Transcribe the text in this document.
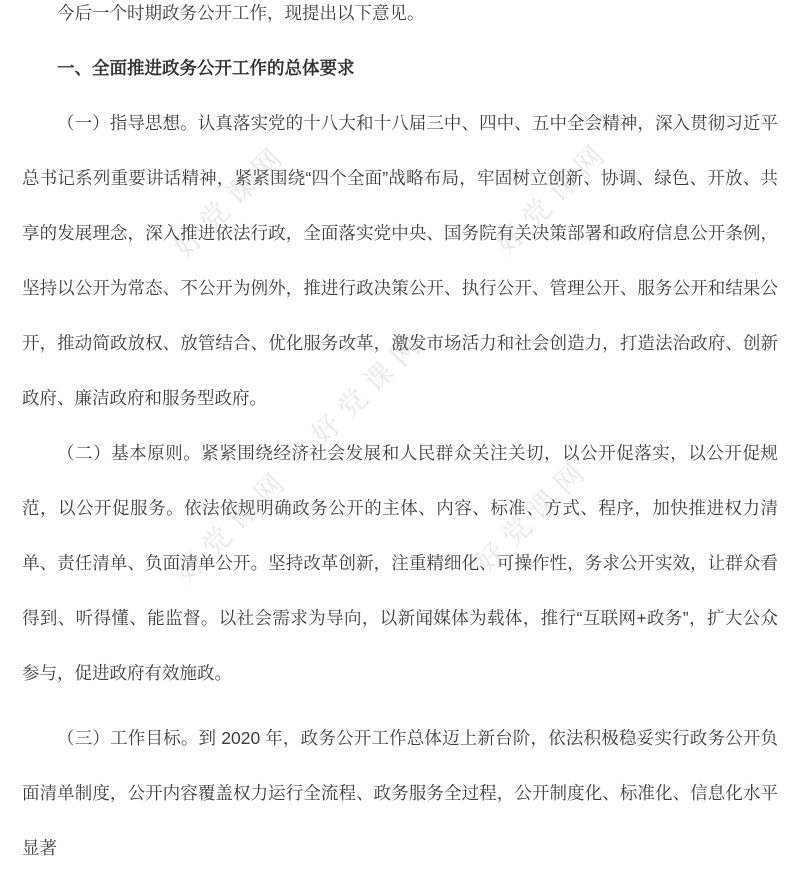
好党课网	好党课网
好党课网
好党课网	好党课网

今后一个时期政务公开工作，现提出以下意见。

一、全面推进政务公开工作的总体要求

（一）指导思想。认真落实党的十八大和十八届三中、四中、五中全会精神，深入贯彻习近平总书记系列重要讲话精神，紧紧围绕“四个全面”战略布局，牢固树立创新、协调、绿色、开放、共享的发展理念，深入推进依法行政，全面落实党中央、国务院有关决策部署和政府信息公开条例，坚持以公开为常态、不公开为例外，推进行政决策公开、执行公开、管理公开、服务公开和结果公开，推动简政放权、放管结合、优化服务改革，激发市场活力和社会创造力，打造法治政府、创新政府、廉洁政府和服务型政府。

（二）基本原则。紧紧围绕经济社会发展和人民群众关注关切，以公开促落实，以公开促规范，以公开促服务。依法依规明确政务公开的主体、内容、标准、方式、程序，加快推进权力清单、责任清单、负面清单公开。坚持改革创新，注重精细化、可操作性，务求公开实效，让群众看得到、听得懂、能监督。以社会需求为导向，以新闻媒体为载体，推行“互联网+政务”，扩大公众参与，促进政府有效施政。

（三）工作目标。到 2020 年，政务公开工作总体迈上新台阶，依法积极稳妥实行政务公开负面清单制度，公开内容覆盖权力运行全流程、政务服务全过程，公开制度化、标准化、信息化水平显著
